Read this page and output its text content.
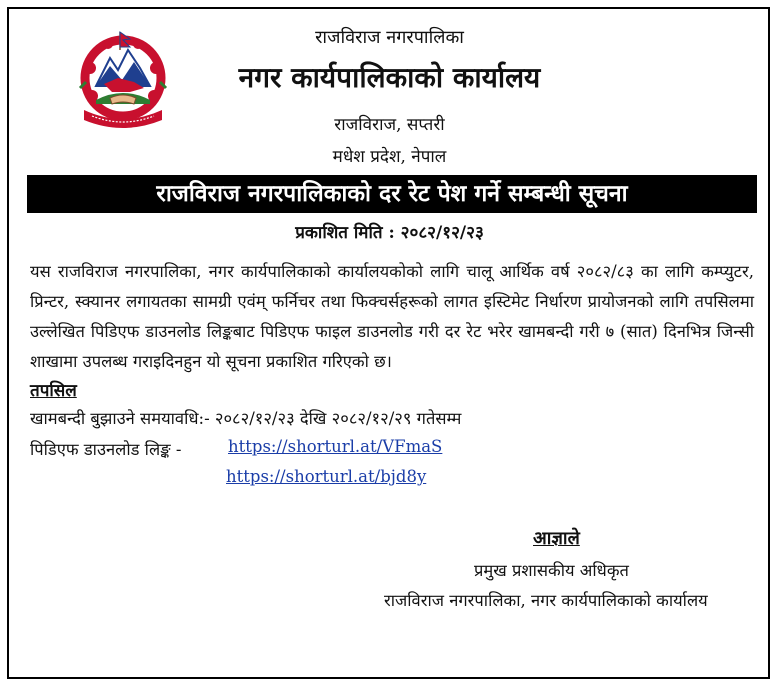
राजविराज नगरपालिका
नगर कार्यपालिकाको कार्यालय
राजविराज, सप्तरी
मधेश प्रदेश, नेपाल
राजविराज नगरपालिकाको दर रेट पेश गर्ने सम्बन्धी सूचना
प्रकाशित मिति : २०८२/१२/२३
यस राजविराज नगरपालिका, नगर कार्यपालिकाको कार्यालयकोको लागि चालू आर्थिक वर्ष २०८२/८३ का लागि कम्प्युटर, प्रिन्टर, स्क्यानर लगायतका सामग्री एवंम् फर्निचर तथा फिक्चर्सहरूको लागत इस्टिमेट निर्धारण प्रायोजनको लागि तपसिलमा उल्लेखित पिडिएफ डाउनलोड लिङ्कबाट पिडिएफ फाइल डाउनलोड गरी दर रेट भरेर खामबन्दी गरी ७ (सात) दिनभित्र जिन्सी शाखामा उपलब्ध गराइदिनहुन यो सूचना प्रकाशित गरिएको छ।
तपसिल
खामबन्दी बुझाउने समयावधि:- २०८२/१२/२३ देखि २०८२/१२/२९ गतेसम्म
पिडिएफ डाउनलोड लिङ्क -	https://shorturl.at/VFmaS
https://shorturl.at/bjd8y
आज्ञाले
प्रमुख प्रशासकीय अधिकृत
राजविराज नगरपालिका, नगर कार्यपालिकाको कार्यालय
